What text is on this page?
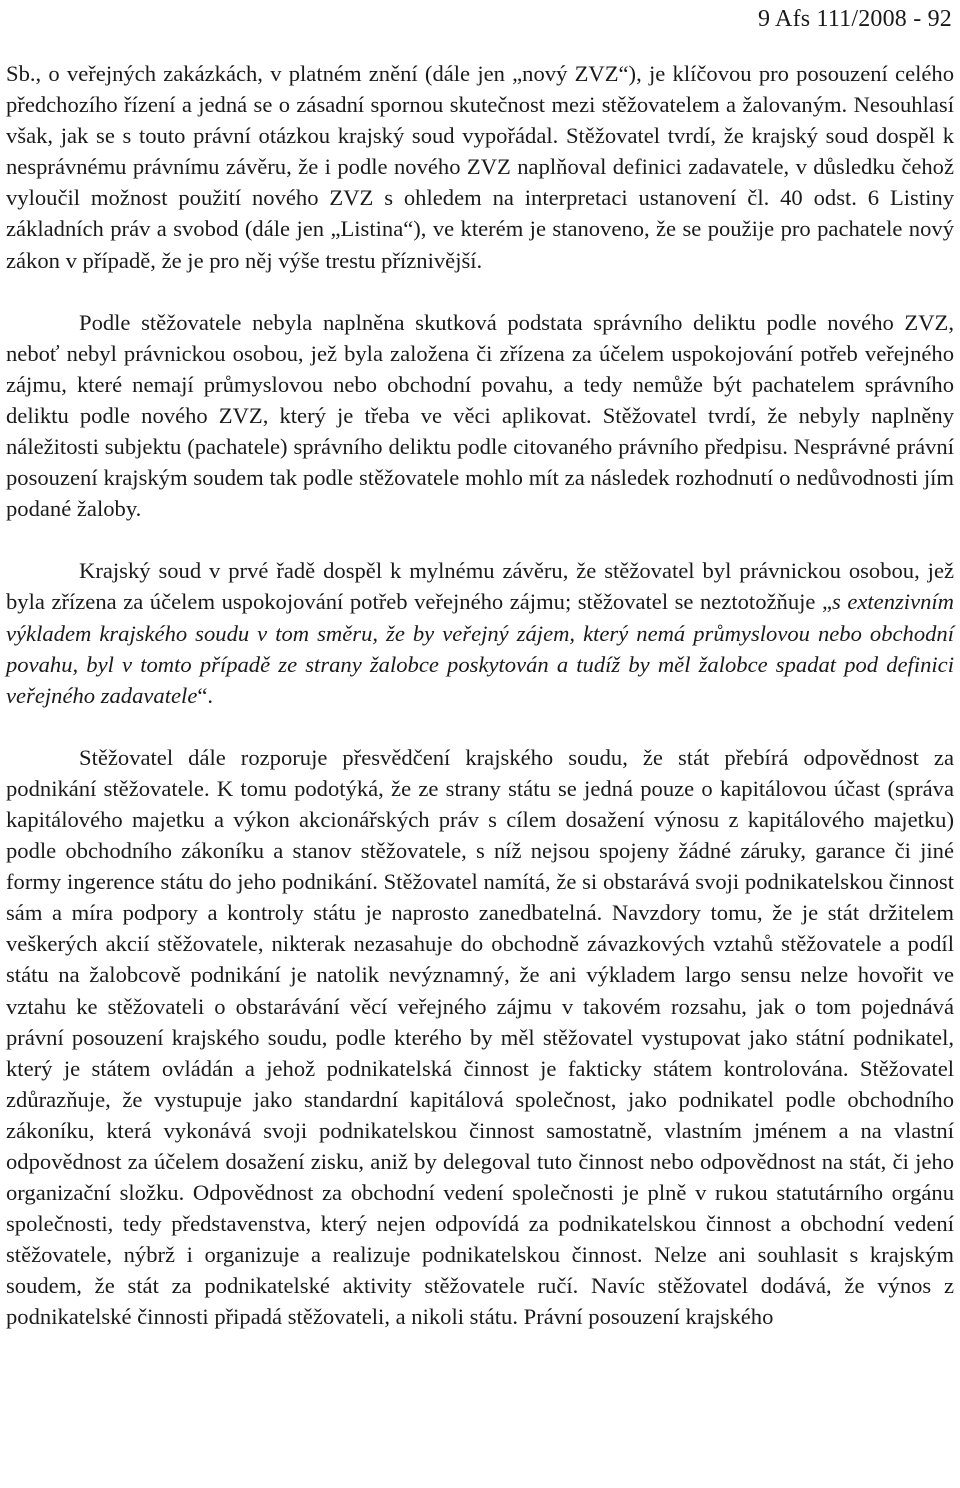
9 Afs 111/2008 - 92

Sb., o veřejných zakázkách, v platném znění (dále jen „nový ZVZ“), je klíčovou pro posouzení celého předchozího řízení a jedná se o zásadní spornou skutečnost mezi stěžovatelem a žalovaným. Nesouhlasí však, jak se s touto právní otázkou krajský soud vypořádal. Stěžovatel tvrdí, že krajský soud dospěl k nesprávnému právnímu závěru, že i podle nového ZVZ naplňoval definici zadavatele, v důsledku čehož vyloučil možnost použití nového ZVZ s ohledem na interpretaci ustanovení čl. 40 odst. 6 Listiny základních práv a svobod (dále jen „Listina“), ve kterém je stanoveno, že se použije pro pachatele nový zákon v případě, že je pro něj výše trestu příznivější.

Podle stěžovatele nebyla naplněna skutková podstata správního deliktu podle nového ZVZ, neboť nebyl právnickou osobou, jež byla založena či zřízena za účelem uspokojování potřeb veřejného zájmu, které nemají průmyslovou nebo obchodní povahu, a tedy nemůže být pachatelem správního deliktu podle nového ZVZ, který je třeba ve věci aplikovat. Stěžovatel tvrdí, že nebyly naplněny náležitosti subjektu (pachatele) správního deliktu podle citovaného právního předpisu. Nesprávné právní posouzení krajským soudem tak podle stěžovatele mohlo mít za následek rozhodnutí o nedůvodnosti jím podané žaloby.

Krajský soud v prvé řadě dospěl k mylnému závěru, že stěžovatel byl právnickou osobou, jež byla zřízena za účelem uspokojování potřeb veřejného zájmu; stěžovatel se neztotožňuje „s extenzivním výkladem krajského soudu v tom směru, že by veřejný zájem, který nemá průmyslovou nebo obchodní povahu, byl v tomto případě ze strany žalobce poskytován a tudíž by měl žalobce spadat pod definici veřejného zadavatele“.

Stěžovatel dále rozporuje přesvědčení krajského soudu, že stát přebírá odpovědnost za podnikání stěžovatele. K tomu podotýká, že ze strany státu se jedná pouze o kapitálovou účast (správa kapitálového majetku a výkon akcionářských práv s cílem dosažení výnosu z kapitálového majetku) podle obchodního zákoníku a stanov stěžovatele, s níž nejsou spojeny žádné záruky, garance či jiné formy ingerence státu do jeho podnikání. Stěžovatel namítá, že si obstarává svoji podnikatelskou činnost sám a míra podpory a kontroly státu je naprosto zanedbatelná. Navzdory tomu, že je stát držitelem veškerých akcií stěžovatele, nikterak nezasahuje do obchodně závazkových vztahů stěžovatele a podíl státu na žalobcově podnikání je natolik nevýznamný, že ani výkladem largo sensu nelze hovořit ve vztahu ke stěžovateli o obstarávání věcí veřejného zájmu v takovém rozsahu, jak o tom pojednává právní posouzení krajského soudu, podle kterého by měl stěžovatel vystupovat jako státní podnikatel, který je státem ovládán a jehož podnikatelská činnost je fakticky státem kontrolována. Stěžovatel zdůrazňuje, že vystupuje jako standardní kapitálová společnost, jako podnikatel podle obchodního zákoníku, která vykonává svoji podnikatelskou činnost samostatně, vlastním jménem a na vlastní odpovědnost za účelem dosažení zisku, aniž by delegoval tuto činnost nebo odpovědnost na stát, či jeho organizační složku. Odpovědnost za obchodní vedení společnosti je plně v rukou statutárního orgánu společnosti, tedy představenstva, který nejen odpovídá za podnikatelskou činnost a obchodní vedení stěžovatele, nýbrž i organizuje a realizuje podnikatelskou činnost. Nelze ani souhlasit s krajským soudem, že stát za podnikatelské aktivity stěžovatele ručí. Navíc stěžovatel dodává, že výnos z podnikatelské činnosti připadá stěžovateli, a nikoli státu. Právní posouzení krajského
